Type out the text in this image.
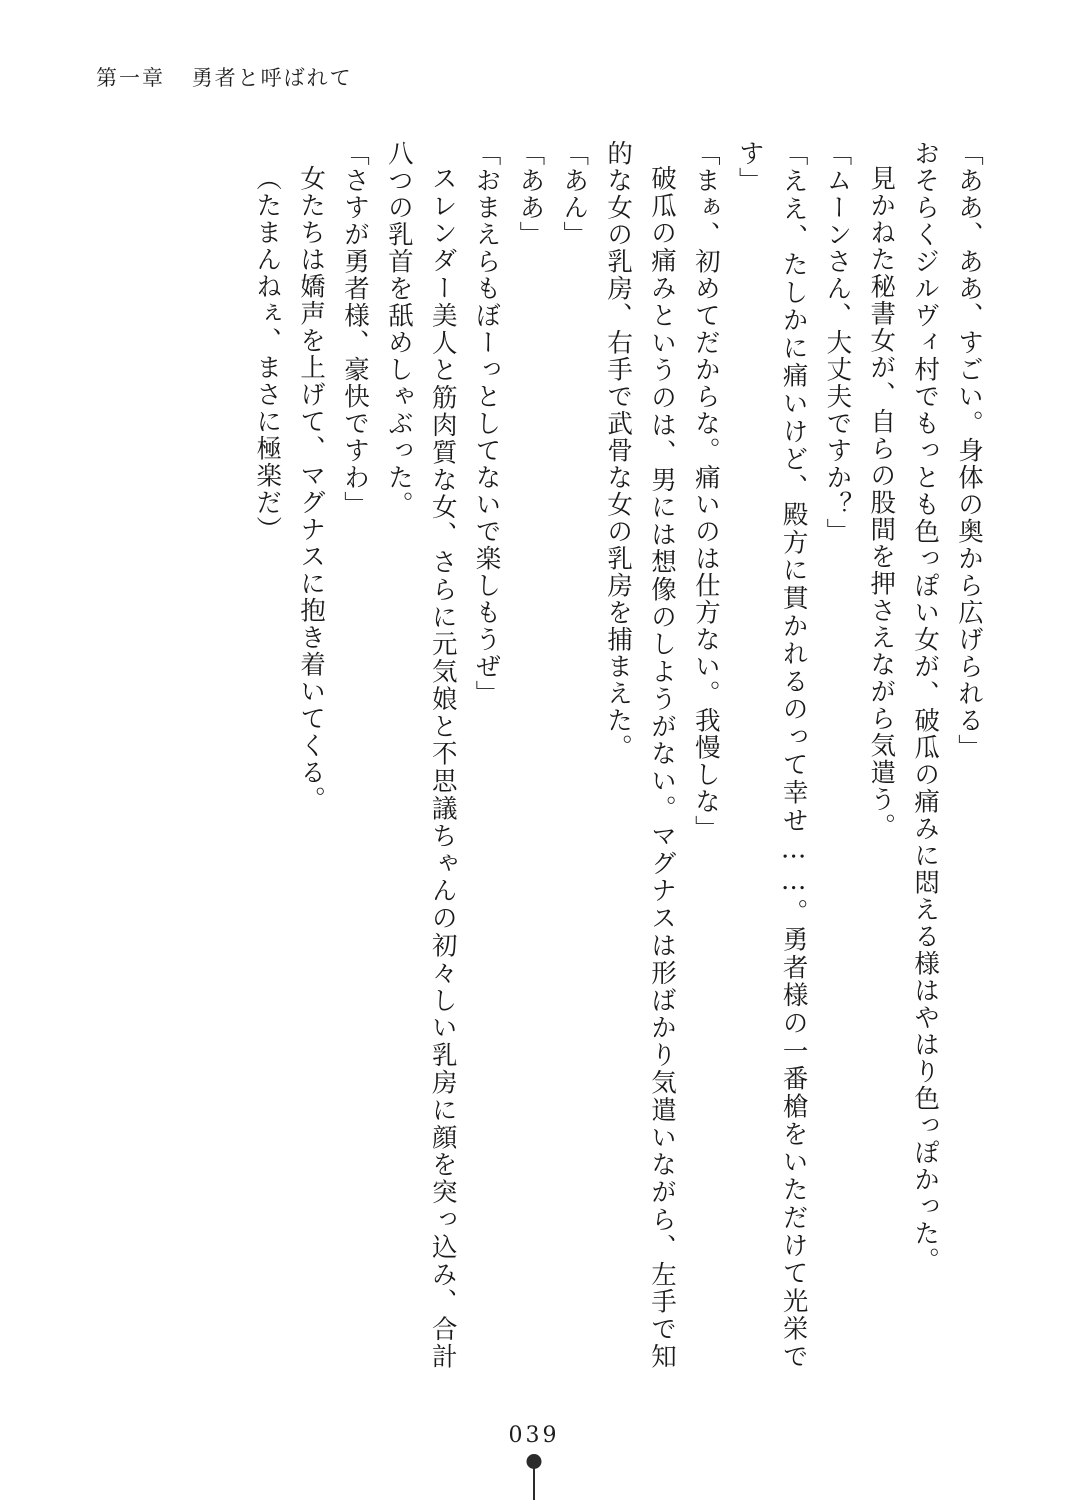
第一章 勇者と呼ばれて

「ああ、ああ、すごい。身体の奥から広げられる」

おそらくジルヴィ村でもっとも色っぽい女が、破瓜の痛みに悶える様はやはり色っぽかった。

見かねた秘書女が、自らの股間を押さえながら気遣う。

「ムーンさん、大丈夫ですか？」

「ええ、たしかに痛いけど、殿方に貫かれるのって幸せ……。勇者様の一番槍をいただけて光栄です」

「まぁ、初めてだからな。痛いのは仕方ない。我慢しな」

破瓜の痛みというのは、男には想像のしようがない。マグナスは形ばかり気遣いながら、左手で知的な女の乳房、右手で武骨な女の乳房を捕まえた。

「あん」

「ああ」

「おまえらもぼーっとしてないで楽しもうぜ」

スレンダー美人と筋肉質な女、さらに元気娘と不思議ちゃんの初々しい乳房に顔を突っ込み、合計八つの乳首を舐めしゃぶった。

「さすが勇者様、豪快ですわ」

女たちは嬌声を上げて、マグナスに抱き着いてくる。

（たまんねぇ、まさに極楽だ）

039
